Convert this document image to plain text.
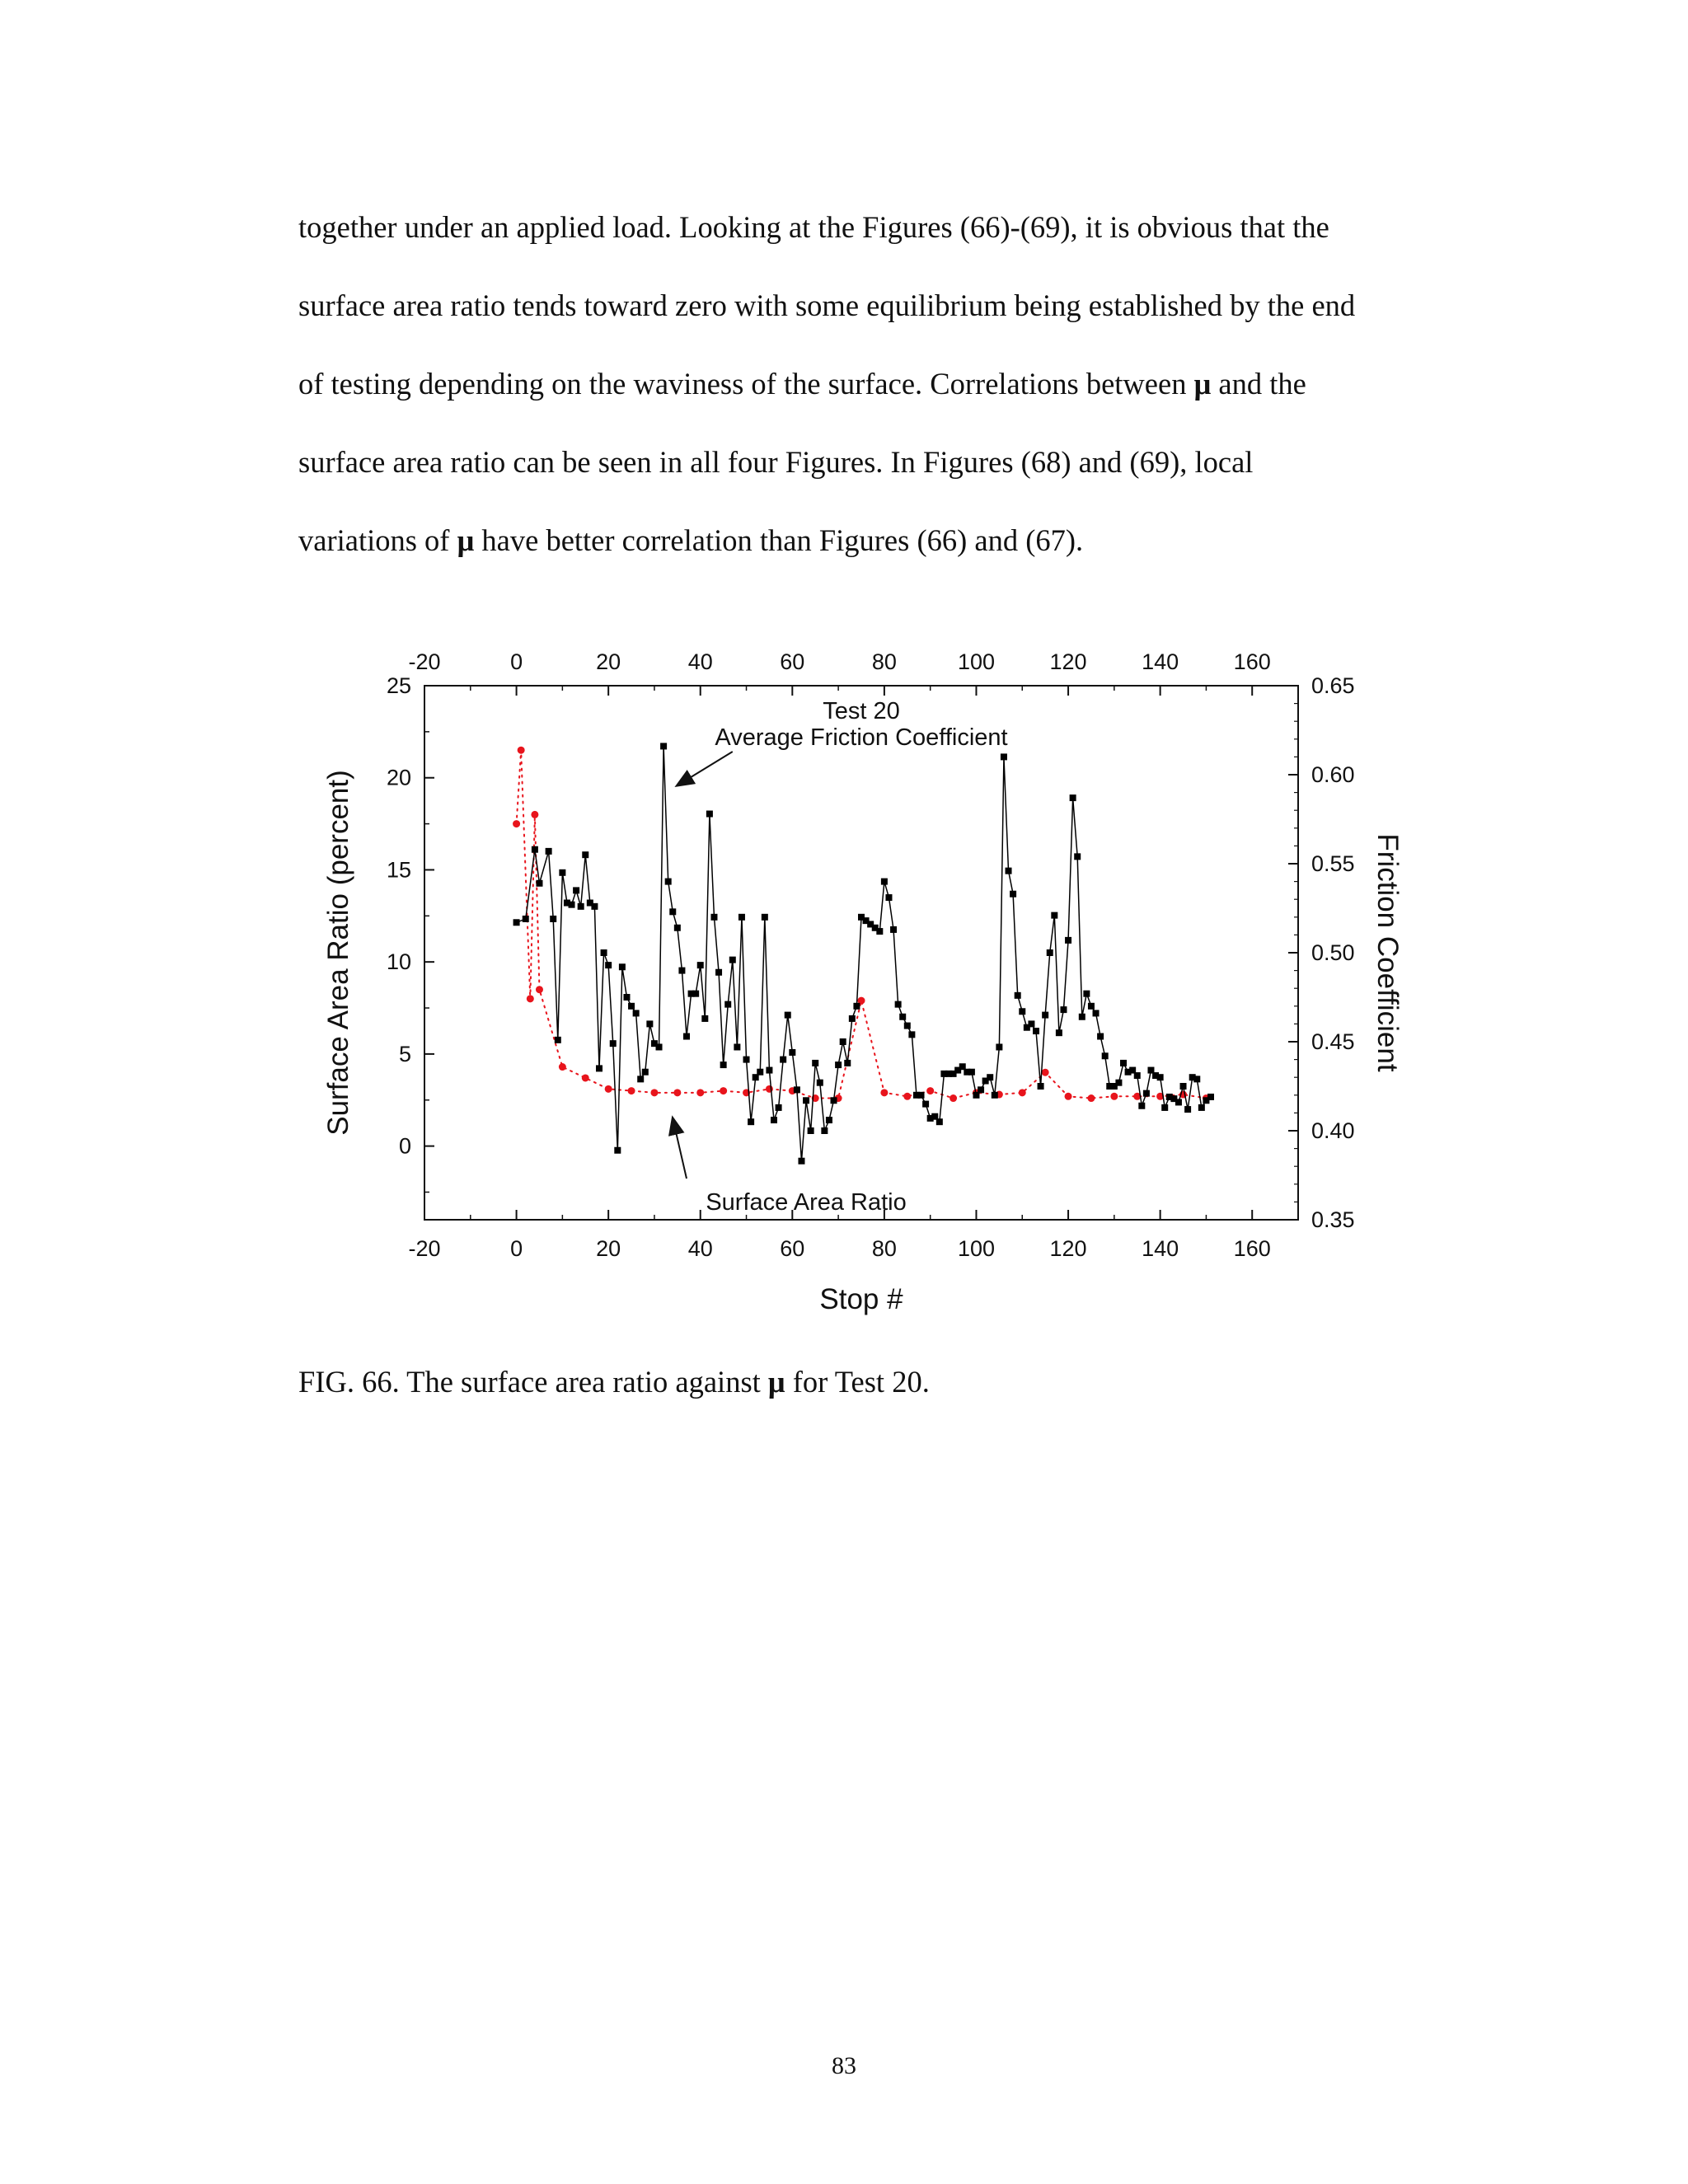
together under an applied load. Looking at the Figures (66)-(69), it is obvious that the
surface area ratio tends toward zero with some equilibrium being established by the end
of testing depending on the waviness of the surface. Correlations between μ and the
surface area ratio can be seen in all four Figures. In Figures (68) and (69), local
variations of μ have better correlation than Figures (66) and (67).

Surface Area Ratio (percent)	Friction Coefficient
Stop #
Test 20
Average Friction Coefficient
Surface Area Ratio
-20
-20
0
0
20
20
40
40
60
60
80
80
100
100
120
120
140
140
160
160
0
5
10
15
20
25
0.35
0.40
0.45
0.50
0.55
0.60
0.65

FIG. 66. The surface area ratio against μ for Test 20.

83
